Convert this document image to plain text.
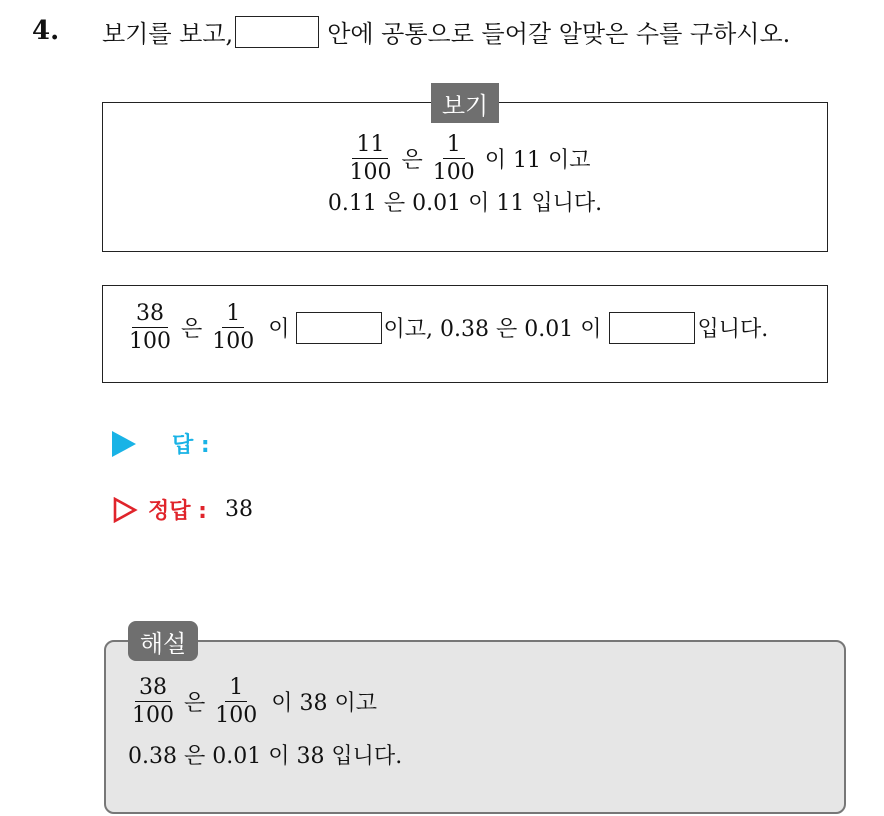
4. 보기를 보고,	안에 공통으로 들어갈 알맞은 수를 구하시오.
보기
$\frac{11}{100}$ 은 $\frac{1}{100}$ 이 11 이고
0.11 은 0.01 이 11 입니다.
$\frac{38}{100}$ 은 $\frac{1}{100}$ 이	이고, 0.38 은 0.01 이	입니다.
답 :
정답 : 38
해설
$\frac{38}{100}$ 은 $\frac{1}{100}$ 이 38 이고
0.38 은 0.01 이 38 입니다.
